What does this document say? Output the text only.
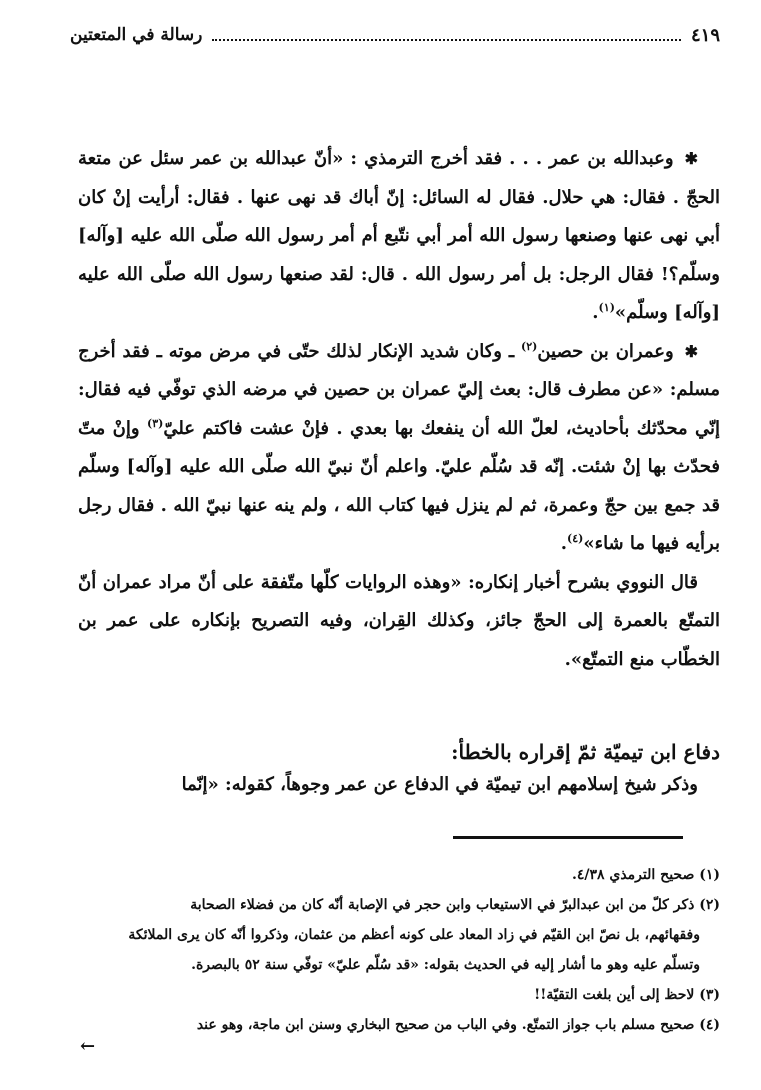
رسالة في المتعتين	٤١٩

✱ وعبدالله بن عمر . . . فقد أخرج الترمذي : «أنّ عبدالله بن عمر سئل عن متعة الحجّ . فقال: هي حلال. فقال له السائل: إنّ أباك قد نهى عنها . فقال: أرأيت إنْ كان أبي نهى عنها وصنعها رسول الله أمر أبي نتّبع أم أمر رسول الله صلّى الله عليه [وآله] وسلّم؟! فقال الرجل: بل أمر رسول الله . قال: لقد صنعها رسول الله صلّى الله عليه [وآله] وسلّم»$^{(١)}$.

✱ وعمران بن حصين$^{(٢)}$ ـ وكان شديد الإنكار لذلك حتّى في مرض موته ـ فقد أخرج مسلم: «عن مطرف قال: بعث إليّ عمران بن حصين في مرضه الذي توفّي فيه فقال: إنّي محدّثك بأحاديث، لعلّ الله أن ينفعك بها بعدي . فإنْ عشت فاكتم عليّ$^{(٣)}$ وإنْ متّ فحدّث بها إنْ شئت. إنّه قد سُلّم عليّ. واعلم أنّ نبيّ الله صلّى الله عليه [وآله] وسلّم قد جمع بين حجّ وعمرة، ثم لم ينزل فيها كتاب الله ، ولم ينه عنها نبيّ الله . فقال رجل برأيه فيها ما شاء»$^{(٤)}$.

قال النووي بشرح أخبار إنكاره: «وهذه الروايات كلّها متّفقة على أنّ مراد عمران أنّ التمتّع بالعمرة إلى الحجّ جائز، وكذلك القِران، وفيه التصريح بإنكاره على عمر بن الخطّاب منع التمتّع».

دفاع ابن تيميّة ثمّ إقراره بالخطأ:
وذكر شيخ إسلامهم ابن تيميّة في الدفاع عن عمر وجوهاً، كقوله: «إنّما

(١) صحيح الترمذي ٤/٣٨.

(٢) ذكر كلّ من ابن عبدالبرّ في الاستيعاب وابن حجر في الإصابة أنّه كان من فضلاء الصحابة

وفقهائهم، بل نصّ ابن القيّم في زاد المعاد على كونه أعظم من عثمان، وذكروا أنّه كان يرى الملائكة

وتسلّم عليه وهو ما أشار إليه في الحديث بقوله: «قد سُلّم عليّ» توفّي سنة ٥٢ بالبصرة.

(٣) لاحظ إلى أين بلغت التقيّة!!

(٤) صحيح مسلم باب جواز التمتّع. وفي الباب من صحيح البخاري وسنن ابن ماجة، وهو عند

←
